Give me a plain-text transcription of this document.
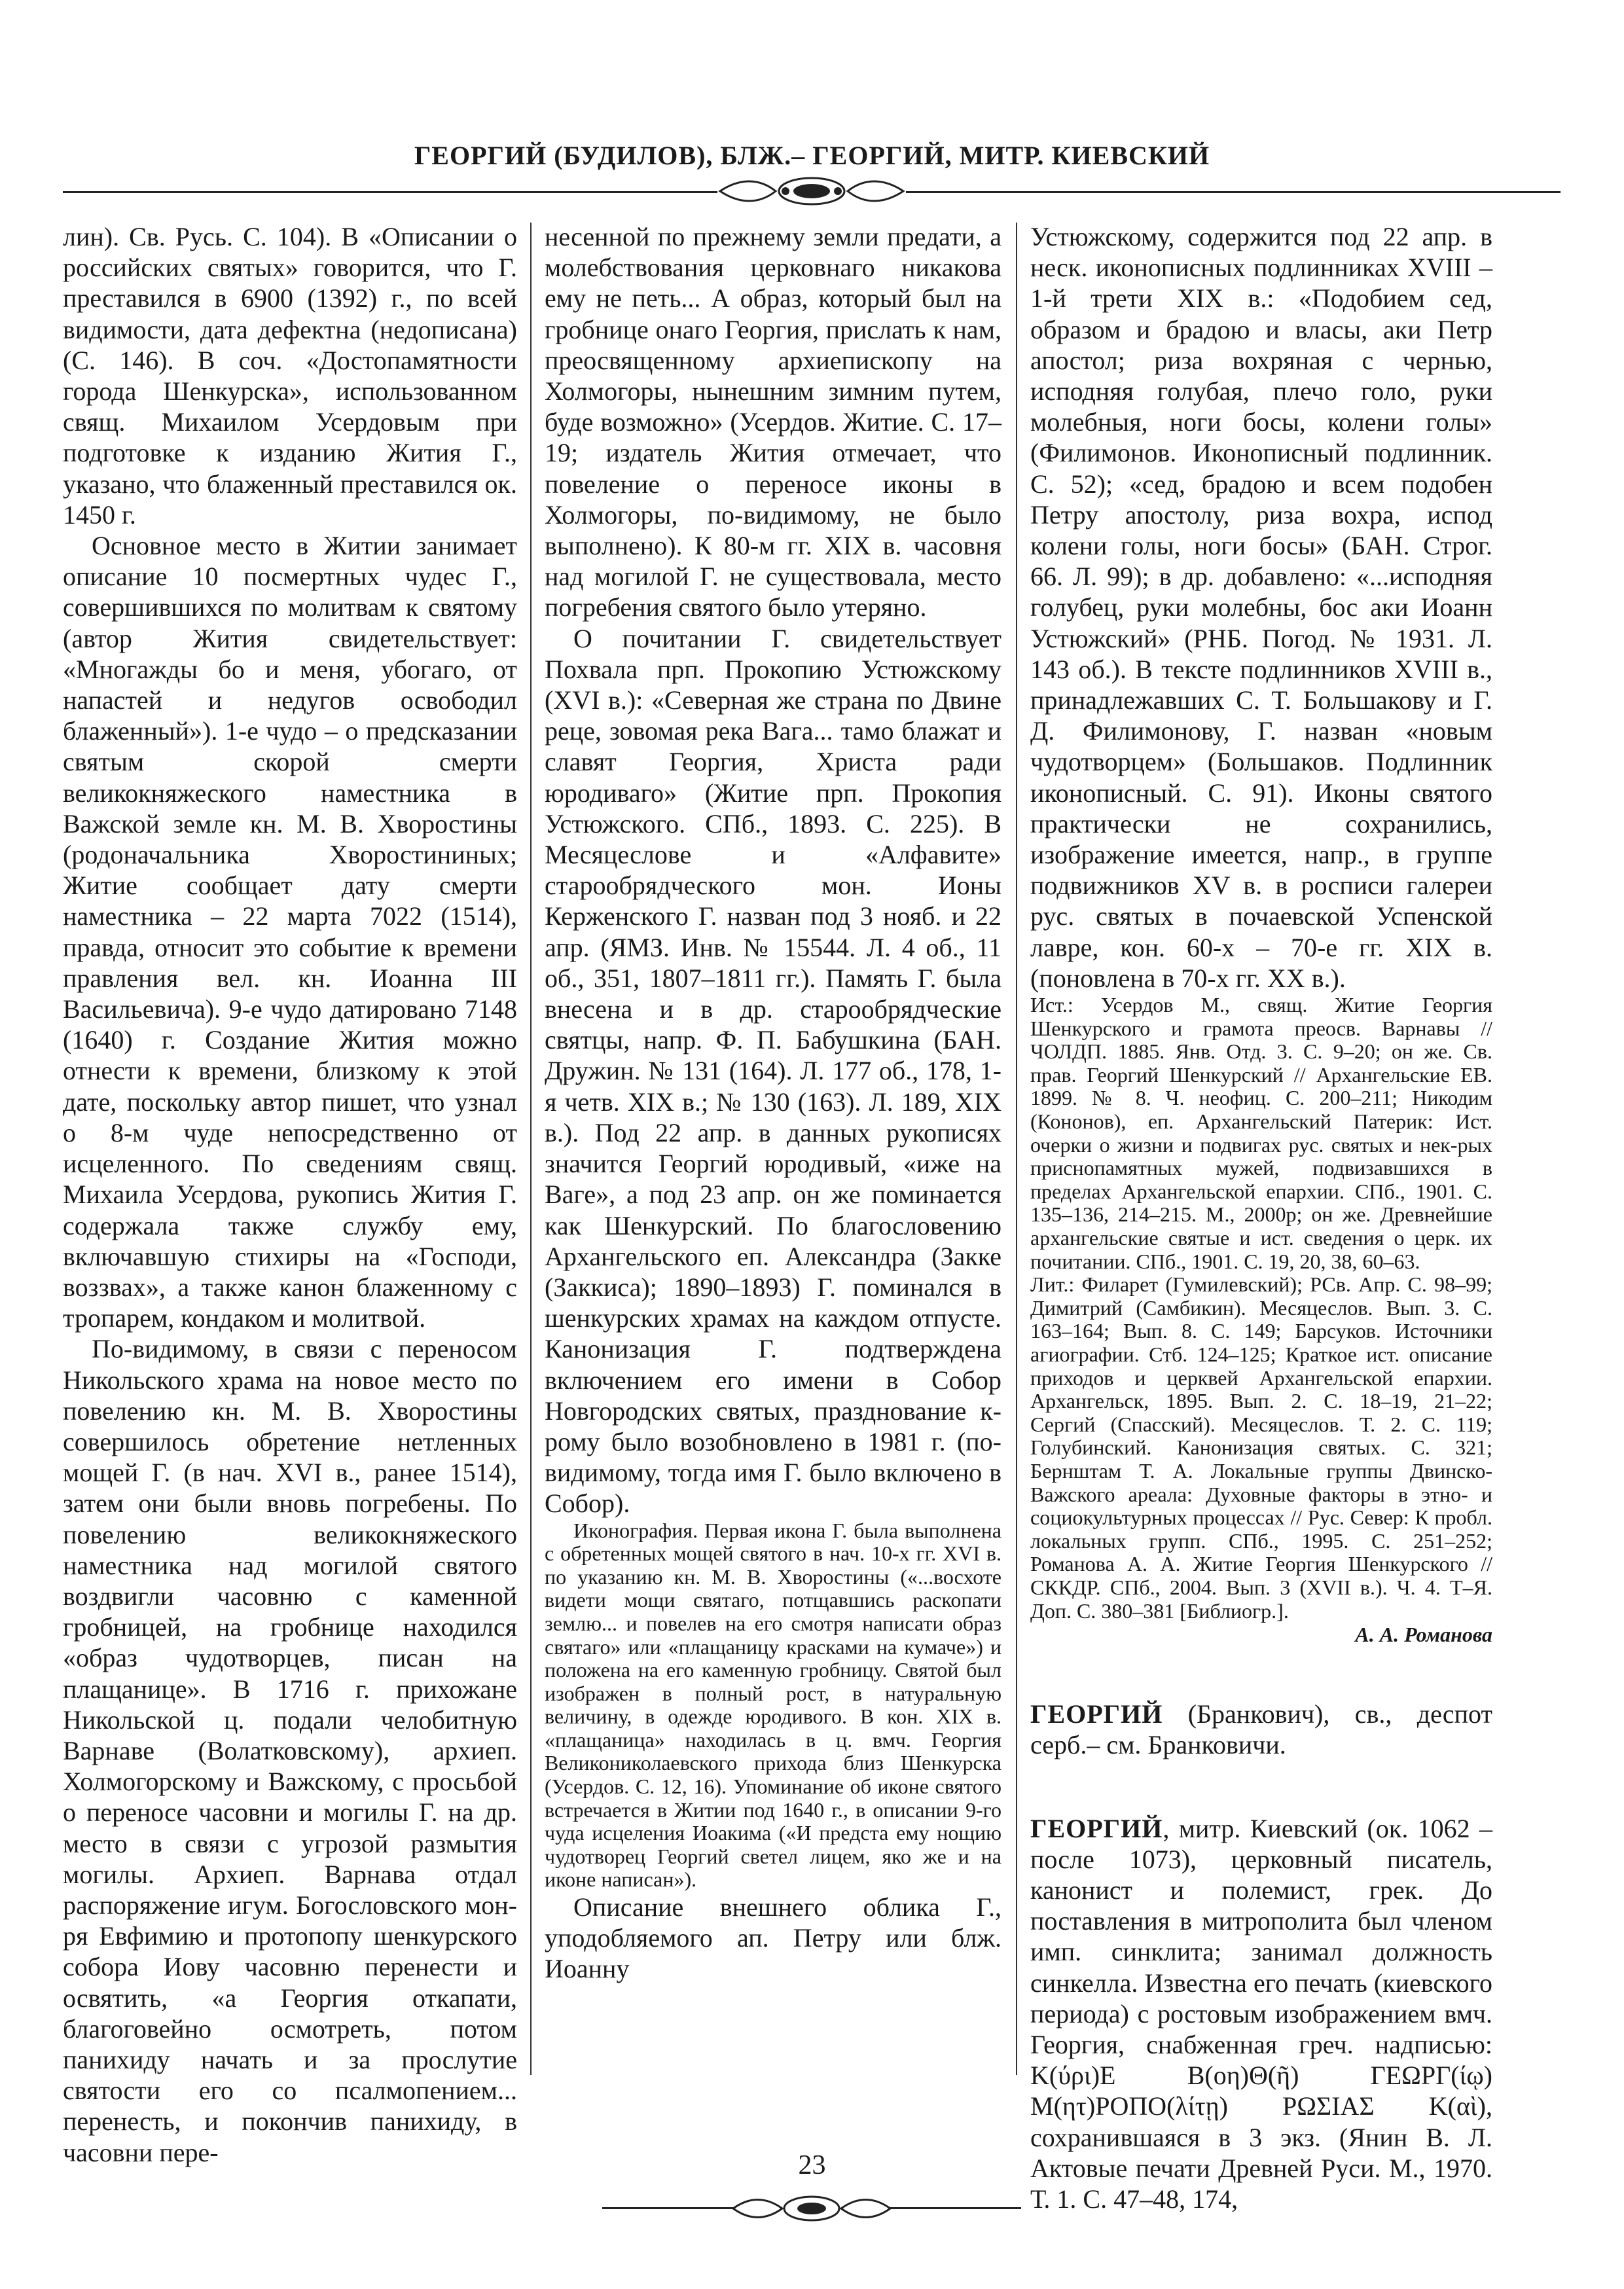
ГЕОРГИЙ (БУДИЛОВ), БЛЖ.– ГЕОРГИЙ, МИТР. КИЕВСКИЙ

лин). Св. Русь. С. 104). В «Описании о российских святых» говорится, что Г. преставился в 6900 (1392) г., по всей видимости, дата дефектна (недописана) (С. 146). В соч. «Достопамятности города Шенкурска», использованном свящ. Михаилом Усердовым при подготовке к изданию Жития Г., указано, что блаженный преставился ок. 1450 г.

Основное место в Житии занимает описание 10 посмертных чудес Г., совершившихся по молитвам к святому (автор Жития свидетельствует: «Многажды бо и меня, убогаго, от напастей и недугов освободил блаженный»). 1-е чудо – о предсказании святым скорой смерти великокняжеского наместника в Важской земле кн. М. В. Хворостины (родоначальника Хворостининых; Житие сообщает дату смерти наместника – 22 марта 7022 (1514), правда, относит это событие к времени правления вел. кн. Иоанна III Васильевича). 9-е чудо датировано 7148 (1640) г. Создание Жития можно отнести к времени, близкому к этой дате, поскольку автор пишет, что узнал о 8-м чуде непосредственно от исцеленного. По сведениям свящ. Михаила Усердова, рукопись Жития Г. содержала также службу ему, включавшую стихиры на «Господи, воззвах», а также канон блаженному с тропарем, кондаком и молитвой.

По-видимому, в связи с переносом Никольского храма на новое место по повелению кн. М. В. Хворостины совершилось обретение нетленных мощей Г. (в нач. XVI в., ранее 1514), затем они были вновь погребены. По повелению великокняжеского наместника над могилой святого воздвигли часовню с каменной гробницей, на гробнице находился «образ чудотворцев, писан на плащанице». В 1716 г. прихожане Никольской ц. подали челобитную Варнаве (Волатковскому), архиеп. Холмогорскому и Важскому, с просьбой о переносе часовни и могилы Г. на др. место в связи с угрозой размытия могилы. Архиеп. Варнава отдал распоряжение игум. Богословского мон-ря Евфимию и протопопу шенкурского собора Иову часовню перенести и освятить, «а Георгия откапати, благоговейно осмотреть, потом панихиду начать и за прослутие святости его со псалмопением... перенесть, и покончив панихиду, в часовни пере-

несенной по прежнему земли предати, а молебствования церковнаго никакова ему не петь... А образ, который был на гробнице онаго Георгия, прислать к нам, преосвященному архиепископу на Холмогоры, нынешним зимним путем, буде возможно» (Усердов. Житие. С. 17–19; издатель Жития отмечает, что повеление о переносе иконы в Холмогоры, по-видимому, не было выполнено). К 80-м гг. XIX в. часовня над могилой Г. не существовала, место погребения святого было утеряно.

О почитании Г. свидетельствует Похвала прп. Прокопию Устюжскому (XVI в.): «Северная же страна по Двине реце, зовомая река Вага... тамо блажат и славят Георгия, Христа ради юродиваго» (Житие прп. Прокопия Устюжского. СПб., 1893. С. 225). В Месяцеслове и «Алфавите» старообрядческого мон. Ионы Керженского Г. назван под 3 нояб. и 22 апр. (ЯМЗ. Инв. № 15544. Л. 4 об., 11 об., 351, 1807–1811 гг.). Память Г. была внесена и в др. старообрядческие святцы, напр. Ф. П. Бабушкина (БАН. Дружин. № 131 (164). Л. 177 об., 178, 1-я четв. XIX в.; № 130 (163). Л. 189, XIX в.). Под 22 апр. в данных рукописях значится Георгий юродивый, «иже на Ваге», а под 23 апр. он же поминается как Шенкурский. По благословению Архангельского еп. Александра (Закке (Заккиса); 1890–1893) Г. поминался в шенкурских храмах на каждом отпусте. Канонизация Г. подтверждена включением его имени в Собор Новгородских святых, празднование к-рому было возобновлено в 1981 г. (по-видимому, тогда имя Г. было включено в Собор).

Иконография. Первая икона Г. была выполнена с обретенных мощей святого в нач. 10-х гг. XVI в. по указанию кн. М. В. Хворостины («...восхоте видети мощи святаго, потщавшись раскопати землю... и повелев на его смотря написати образ святаго» или «плащаницу красками на кумаче») и положена на его каменную гробницу. Святой был изображен в полный рост, в натуральную величину, в одежде юродивого. В кон. XIX в. «плащаница» находилась в ц. вмч. Георгия Великониколаевского прихода близ Шенкурска (Усердов. С. 12, 16). Упоминание об иконе святого встречается в Житии под 1640 г., в описании 9-го чуда исцеления Иоакима («И предста ему нощию чудотворец Георгий светел лицем, яко же и на иконе написан»).

Описание внешнего облика Г., уподобляемого ап. Петру или блж. Иоанну

Устюжскому, содержится под 22 апр. в неск. иконописных подлинниках XVIII – 1-й трети XIX в.: «Подобием сед, образом и брадою и власы, аки Петр апостол; риза вохряная с чернью, исподняя голубая, плечо голо, руки молебныя, ноги босы, колени голы» (Филимонов. Иконописный подлинник. С. 52); «сед, брадою и всем подобен Петру апостолу, риза вохра, испод колени голы, ноги босы» (БАН. Строг. 66. Л. 99); в др. добавлено: «...исподняя голубец, руки молебны, бос аки Иоанн Устюжский» (РНБ. Погод. № 1931. Л. 143 об.). В тексте подлинников XVIII в., принадлежавших С. Т. Большакову и Г. Д. Филимонову, Г. назван «новым чудотворцем» (Большаков. Подлинник иконописный. С. 91). Иконы святого практически не сохранились, изображение имеется, напр., в группе подвижников XV в. в росписи галереи рус. святых в почаевской Успенской лавре, кон. 60-х – 70-е гг. XIX в. (поновлена в 70-х гг. XX в.).

Ист.: Усердов М., свящ. Житие Георгия Шенкурского и грамота преосв. Варнавы // ЧОЛДП. 1885. Янв. Отд. 3. С. 9–20; он же. Св. прав. Георгий Шенкурский // Архангельские ЕВ. 1899. № 8. Ч. неофиц. С. 200–211; Никодим (Кононов), еп. Архангельский Патерик: Ист. очерки о жизни и подвигах рус. святых и нек-рых приснопамятных мужей, подвизавшихся в пределах Архангельской епархии. СПб., 1901. С. 135–136, 214–215. М., 2000р; он же. Древнейшие архангельские святые и ист. сведения о церк. их почитании. СПб., 1901. С. 19, 20, 38, 60–63.

Лит.: Филарет (Гумилевский); РСв. Апр. С. 98–99; Димитрий (Самбикин). Месяцеслов. Вып. 3. С. 163–164; Вып. 8. С. 149; Барсуков. Источники агиографии. Стб. 124–125; Краткое ист. описание приходов и церквей Архангельской епархии. Архангельск, 1895. Вып. 2. С. 18–19, 21–22; Сергий (Спасский). Месяцеслов. Т. 2. С. 119; Голубинский. Канонизация святых. С. 321; Бернштам Т. А. Локальные группы Двинско-Важского ареала: Духовные факторы в этно- и социокультурных процессах // Рус. Север: К пробл. локальных групп. СПб., 1995. С. 251–252; Романова А. А. Житие Георгия Шенкурского // СККДР. СПб., 2004. Вып. 3 (XVII в.). Ч. 4. Т–Я. Доп. С. 380–381 [Библиогр.].

А. А. Романова

ГЕОРГИЙ (Бранкович), св., деспот серб.– см. Бранковичи.

ГЕОРГИЙ, митр. Киевский (ок. 1062 – после 1073), церковный писатель, канонист и полемист, грек. До поставления в митрополита был членом имп. синклита; занимал должность синкелла. Известна его печать (киевского периода) с ростовым изображением вмч. Георгия, снабженная греч. надписью: Κ(ύρι)Ε Β(οη)Θ(ῆ) ΓΕΩΡΓ(ίῳ) Μ(ητ)ΡΟΠΟ(λίτῃ) ΡΩΣΙΑΣ Κ(αὶ), сохранившаяся в 3 экз. (Янин В. Л. Актовые печати Древней Руси. М., 1970. Т. 1. С. 47–48, 174,

23
